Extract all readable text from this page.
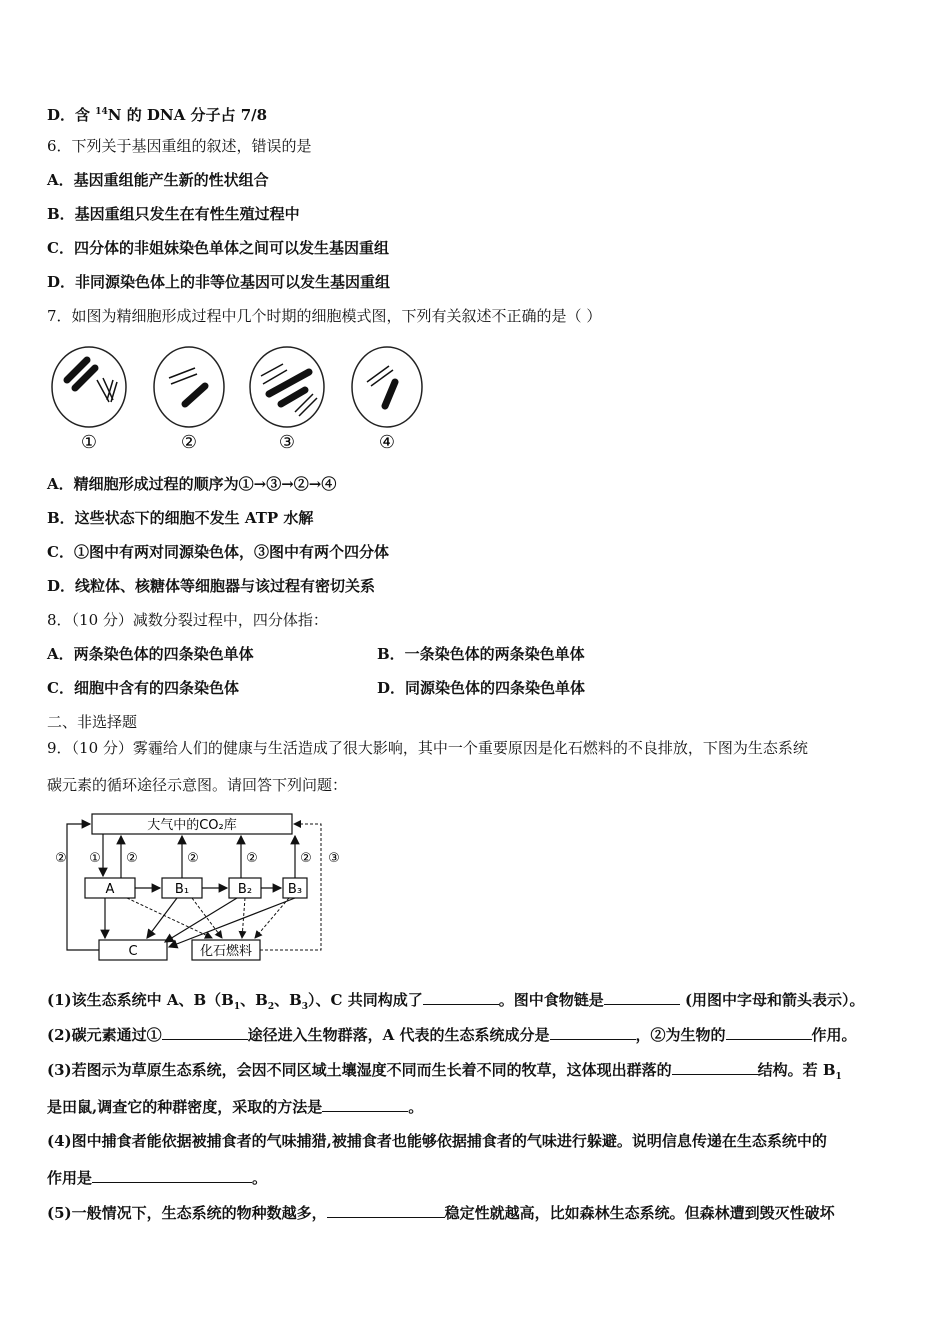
D．含 $^{14}$N 的 DNA 分子占 7/8
6．下列关于基因重组的叙述，错误的是
A．基因重组能产生新的性状组合
B．基因重组只发生在有性生殖过程中
C．四分体的非姐妹染色单体之间可以发生基因重组
D．非同源染色体上的非等位基因可以发生基因重组
7．如图为精细胞形成过程中几个时期的细胞模式图，下列有关叙述不正确的是（ ）
①	②	③	④
A．精细胞形成过程的顺序为①→③→②→④
B．这些状态下的细胞不发生 ATP 水解
C．①图中有两对同源染色体，③图中有两个四分体
D．线粒体、核糖体等细胞器与该过程有密切关系
8．（10 分）减数分裂过程中，四分体指：
A．两条染色体的四条染色单体	B．一条染色体的两条染色单体
C．细胞中含有的四条染色体	D．同源染色体的四条染色单体
二、非选择题
9．（10 分）雾霾给人们的健康与生活造成了很大影响，其中一个重要原因是化石燃料的不良排放，下图为生态系统
碳元素的循环途径示意图。请回答下列问题：
大气中的CO₂库
A	B₁	B₂	B₃
C	化石燃料
② ① ②	②	②	② ③
(1)该生态系统中 A、$B(B_1$、$B_2$、$B_3$）、C 共同构成了	。图中食物链是	(用图中字母和箭头表示）。
(2)碳元素通过①	途径进入生物群落，A 代表的生态系统成分是	，②为生物的	作用。
(3)若图示为草原生态系统，会因不同区域土壤湿度不同而生长着不同的牧草，这体现出群落的	结构。若 $B_1$
是田鼠,调查它的种群密度，采取的方法是	。
(4)图中捕食者能依据被捕食者的气味捕猎,被捕食者也能够依据捕食者的气味进行躲避。说明信息传递在生态系统中的
作用是	。
(5)一般情况下，生态系统的物种数越多，	稳定性就越高，比如森林生态系统。但森林遭到毁灭性破坏
